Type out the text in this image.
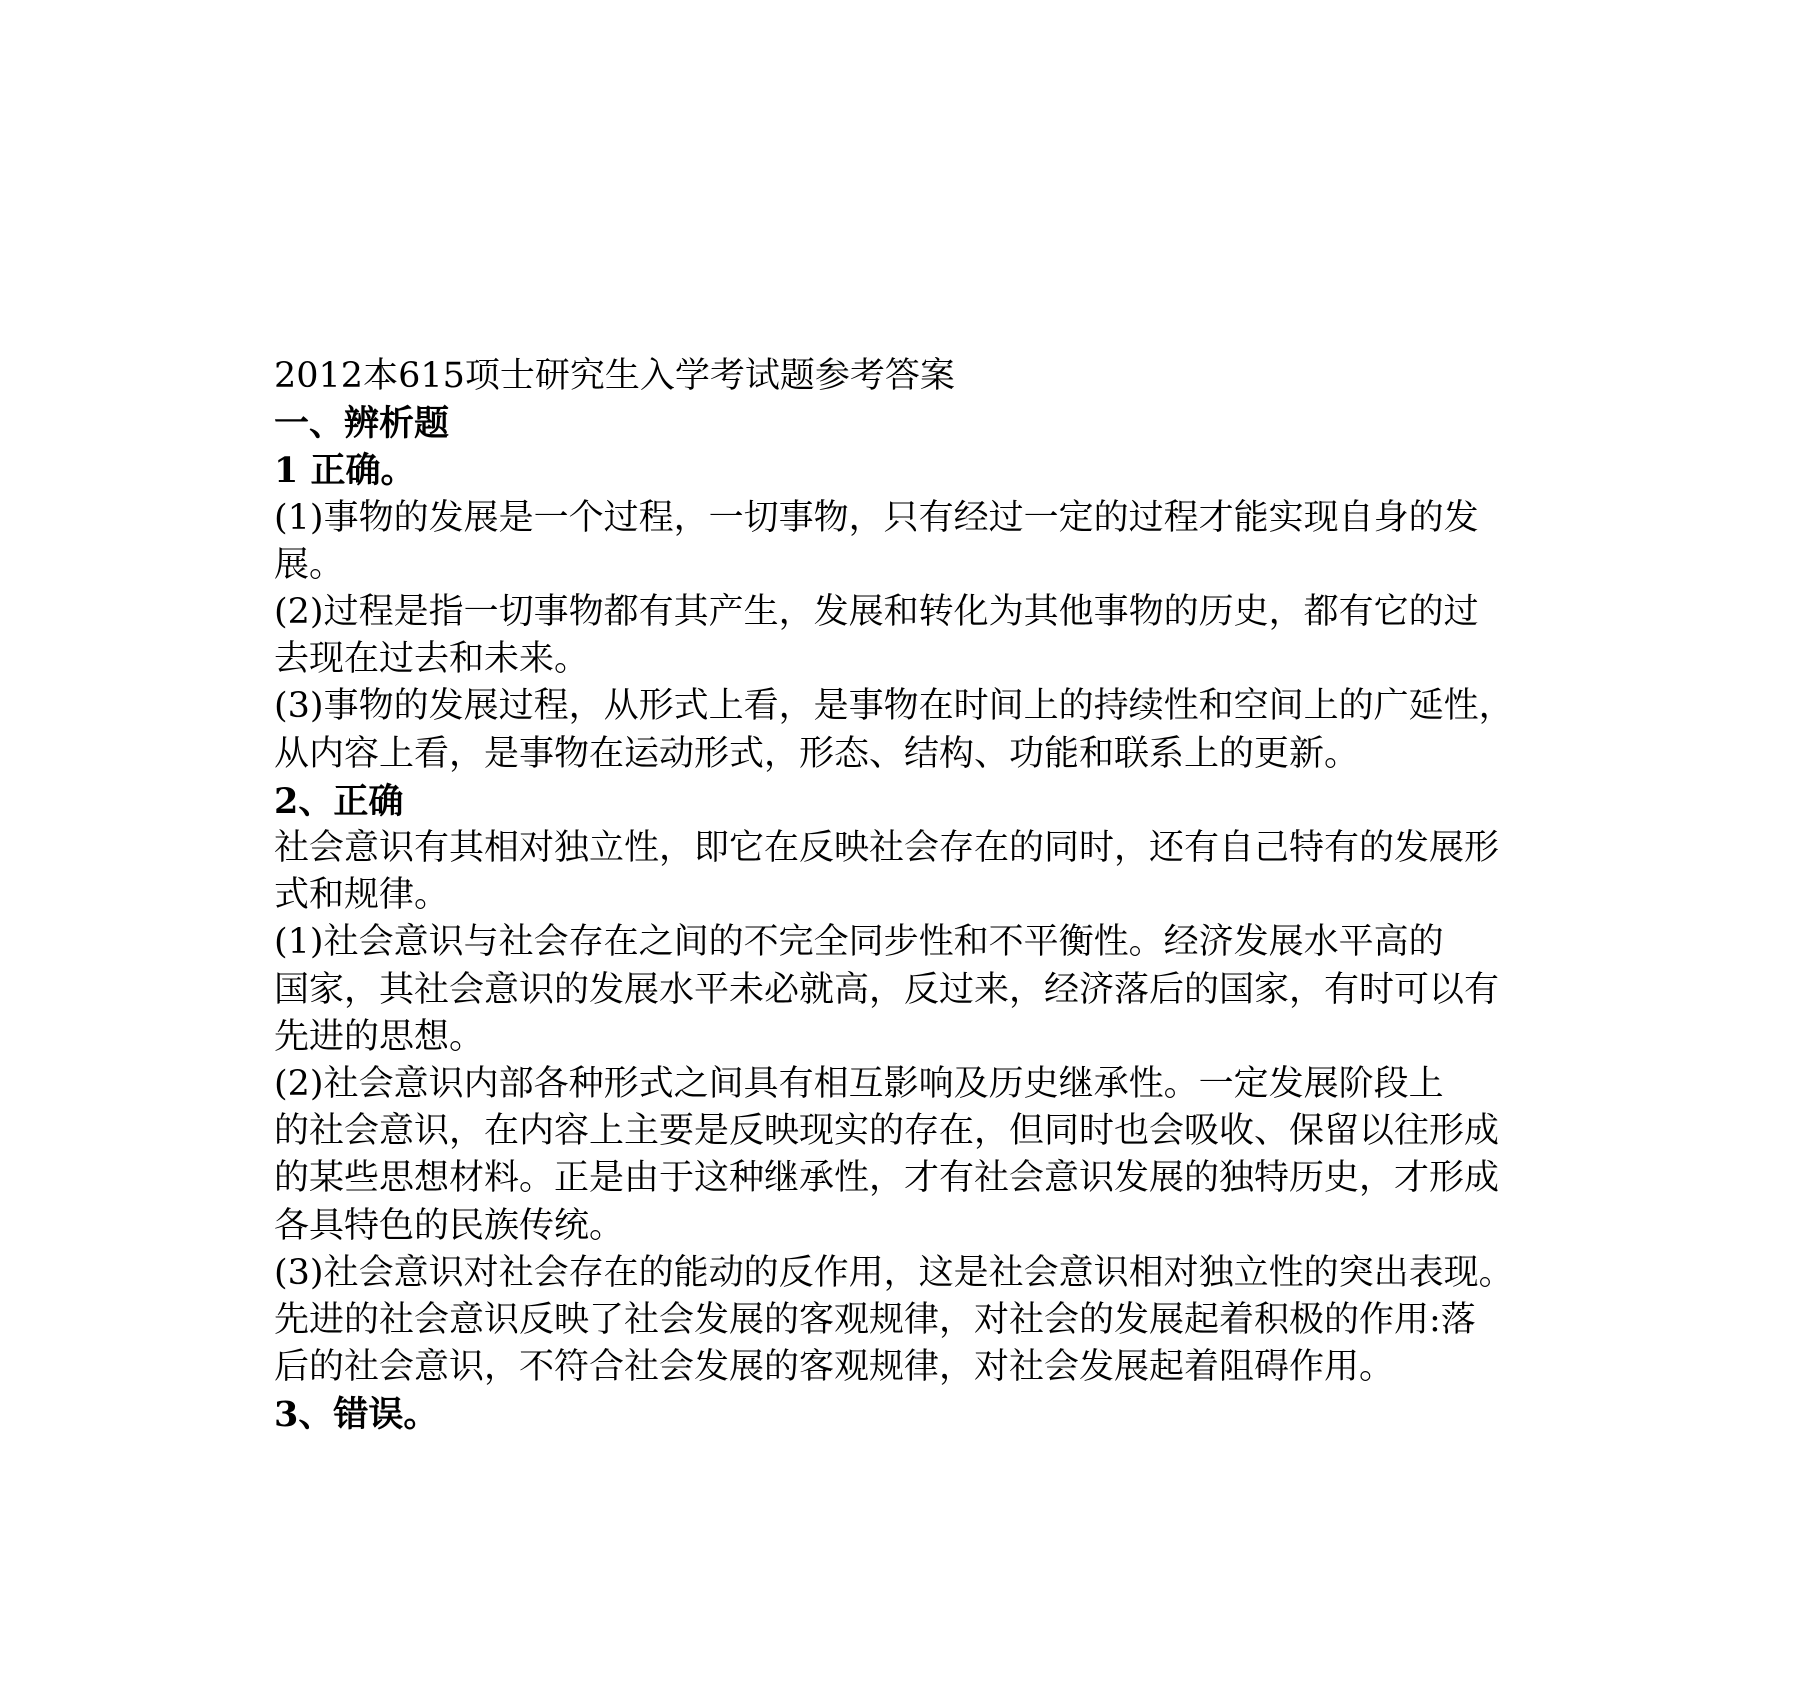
2012本615项士研究生入学考试题参考答案

一、辨析题

1 正确。

(1)事物的发展是一个过程，一切事物，只有经过一定的过程才能实现自身的发

展。

(2)过程是指一切事物都有其产生，发展和转化为其他事物的历史，都有它的过

去现在过去和未来。

(3)事物的发展过程，从形式上看，是事物在时间上的持续性和空间上的广延性，

从内容上看，是事物在运动形式，形态、结构、功能和联系上的更新。

2、正确

社会意识有其相对独立性，即它在反映社会存在的同时，还有自己特有的发展形

式和规律。

(1)社会意识与社会存在之间的不完全同步性和不平衡性。经济发展水平高的

国家，其社会意识的发展水平未必就高，反过来，经济落后的国家，有时可以有

先进的思想。

(2)社会意识内部各种形式之间具有相互影响及历史继承性。一定发展阶段上

的社会意识，在内容上主要是反映现实的存在，但同时也会吸收、保留以往形成

的某些思想材料。正是由于这种继承性，才有社会意识发展的独特历史，才形成

各具特色的民族传统。

(3)社会意识对社会存在的能动的反作用，这是社会意识相对独立性的突出表现。

先进的社会意识反映了社会发展的客观规律，对社会的发展起着积极的作用:落

后的社会意识，不符合社会发展的客观规律，对社会发展起着阻碍作用。

3、错误。
